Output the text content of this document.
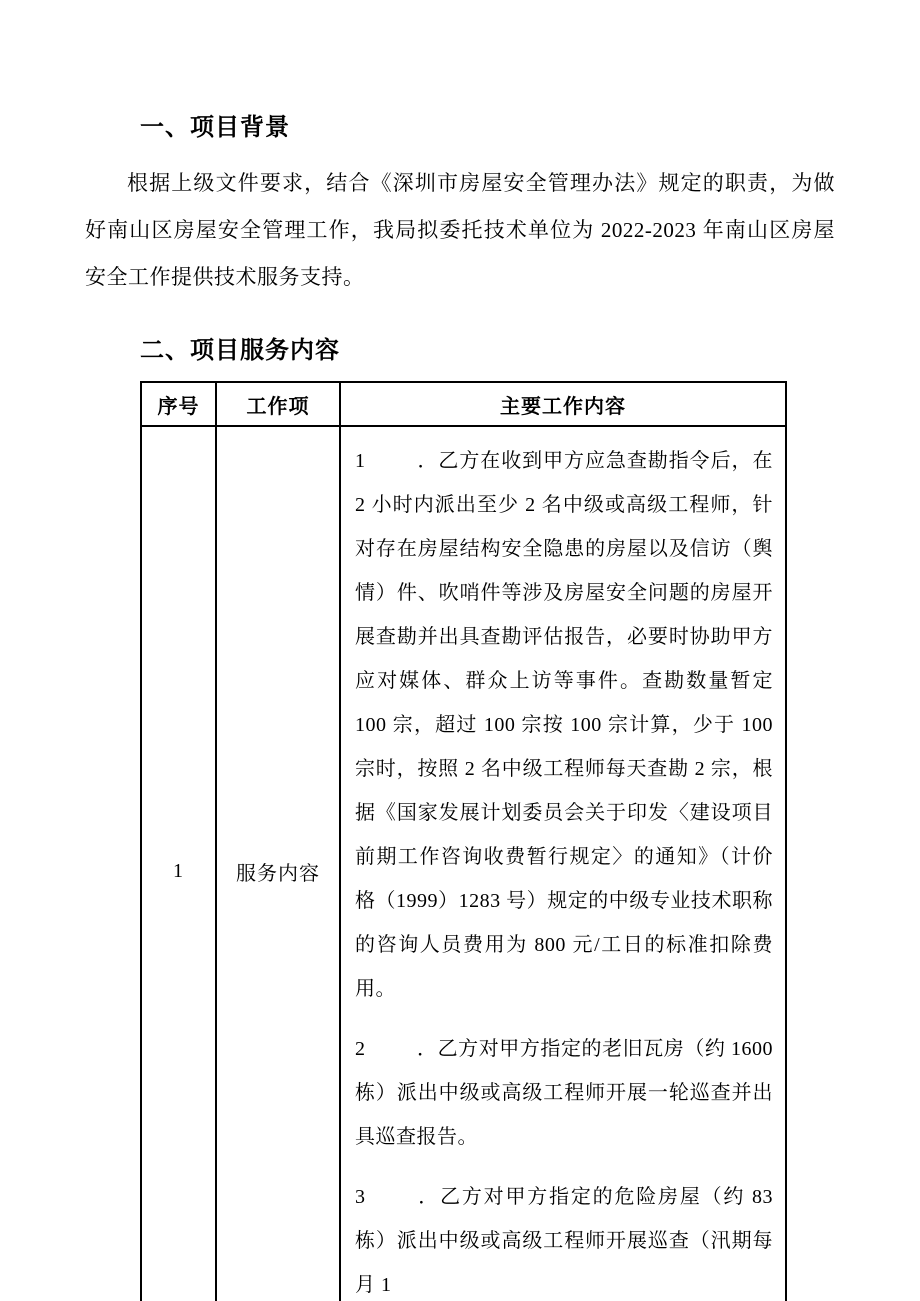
一、项目背景

根据上级文件要求，结合《深圳市房屋安全管理办法》规定的职责，为做好南山区房屋安全管理工作，我局拟委托技术单位为 2022-2023 年南山区房屋安全工作提供技术服务支持。

二、项目服务内容
序号	工作项	主要工作内容
1	服务内容	1 ．乙方在收到甲方应急查勘指令后，在 2 小时内派出至少 2 名中级或高级工程师，针对存在房屋结构安全隐患的房屋以及信访（舆情）件、吹哨件等涉及房屋安全问题的房屋开展查勘并出具查勘评估报告，必要时协助甲方应对媒体、群众上访等事件。查勘数量暂定 100 宗，超过 100 宗按 100 宗计算，少于 100 宗时，按照 2 名中级工程师每天查勘 2 宗，根据《国家发展计划委员会关于印发〈建设项目前期工作咨询收费暂行规定〉的通知》（计价格（1999）1283 号）规定的中级专业技术职称的咨询人员费用为 800 元/工日的标准扣除费用。

2 ．乙方对甲方指定的老旧瓦房（约 1600 栋）派出中级或高级工程师开展一轮巡查并出具巡查报告。

3 ．乙方对甲方指定的危险房屋（约 83 栋）派出中级或高级工程师开展巡查（汛期每月 1
